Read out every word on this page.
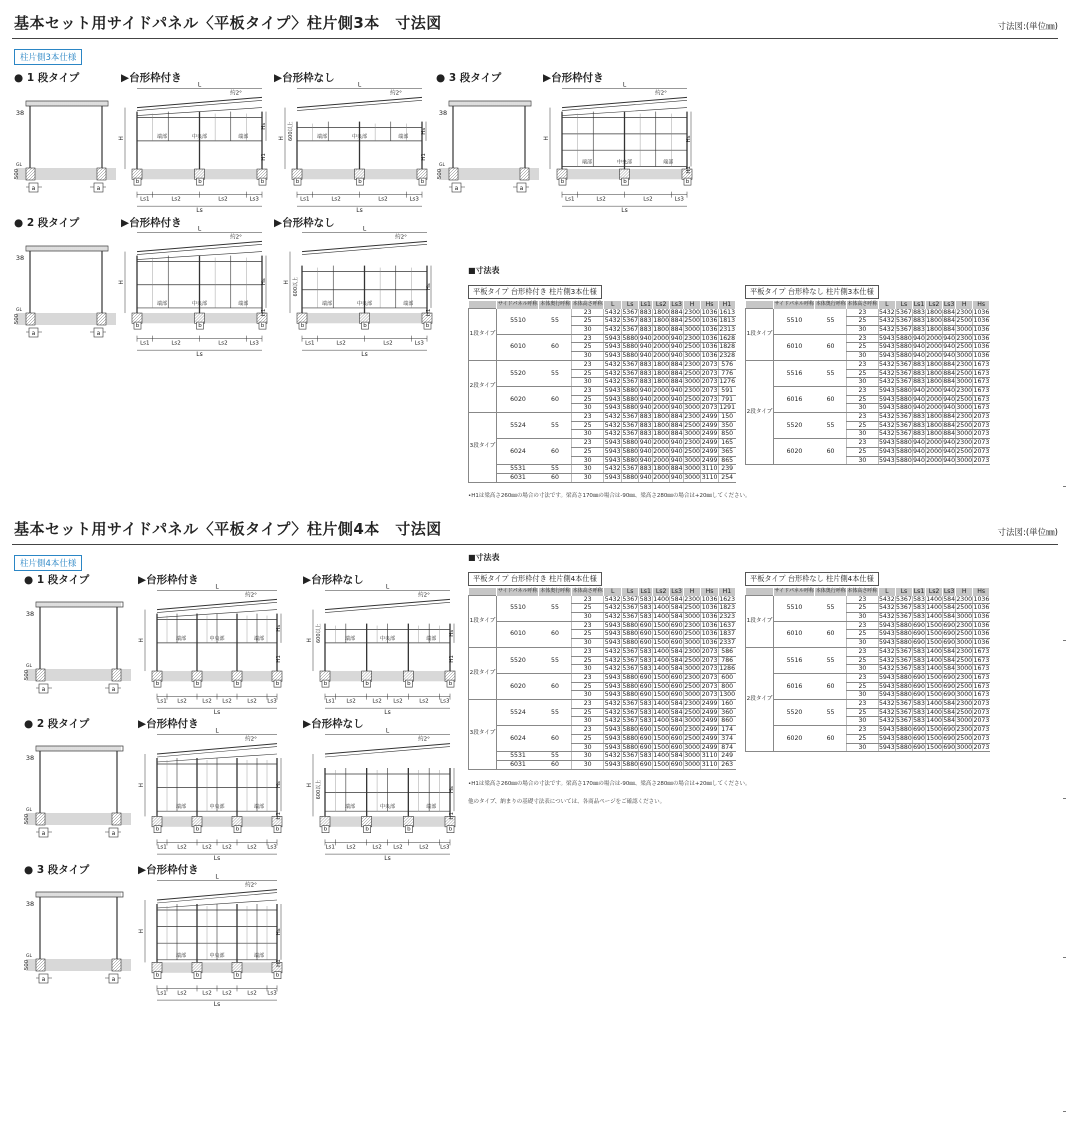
基本セット用サイドパネル〈平板タイプ〉柱片側3本　寸法図	寸法図:(単位㎜)
柱片側3本仕様
● 1 段タイプ	▶台形枠付き	▶台形枠なし	● 3 段タイプ	▶台形枠付き
● 2 段タイプ	▶台形枠付き	▶台形枠なし
38
GL
500
a	a
L
約2°
端部	中央部	端部
H
Hs
H1
b	b	b
Ls1	Ls2	Ls2	Ls3
Ls
L
約2°
端部	中央部	端部
H 600以上	Hs
H1
b	b	b
Ls1	Ls2	Ls2	Ls3
Ls
38
GL
500
a	a
L
約2°
端部	中央部	端部
H	Hs
H1
b	b	b
Ls1	Ls2	Ls2	Ls3
Ls
38
GL
500
a	a
L
約2°
端部	中央部	端部
H	Hs
H1
b	b	b
Ls1	Ls2	Ls2	Ls3
Ls
L
約2°
端部	中央部	端部
H 600以上	Hs
H1
b	b	b
Ls1	Ls2	Ls2	Ls3
Ls
■寸法表
平板タイプ 台形枠付き 柱片側3本仕様
	サイドパネル呼称	本体奥行呼称	本体高さ呼称	L	Ls	Ls1	Ls2	Ls3	H	Hs	H1
1段タイプ	5510	55	23	5432	5367	883	1800	884	2300	1036	1613
			25	5432	5367	883	1800	884	2500	1036	1813
			30	5432	5367	883	1800	884	3000	1036	2313
	6010	60	23	5943	5880	940	2000	940	2300	1036	1628
			25	5943	5880	940	2000	940	2500	1036	1828
			30	5943	5880	940	2000	940	3000	1036	2328
2段タイプ	5520	55	23	5432	5367	883	1800	884	2300	2073	576
			25	5432	5367	883	1800	884	2500	2073	776
			30	5432	5367	883	1800	884	3000	2073	1276
	6020	60	23	5943	5880	940	2000	940	2300	2073	591
			25	5943	5880	940	2000	940	2500	2073	791
			30	5943	5880	940	2000	940	3000	2073	1291
3段タイプ	5524	55	23	5432	5367	883	1800	884	2300	2499	150
			25	5432	5367	883	1800	884	2500	2499	350
			30	5432	5367	883	1800	884	3000	2499	850
	6024	60	23	5943	5880	940	2000	940	2300	2499	165
			25	5943	5880	940	2000	940	2500	2499	365
			30	5943	5880	940	2000	940	3000	2499	865
	5531	55	30	5432	5367	883	1800	884	3000	3110	239
	6031	60	30	5943	5880	940	2000	940	3000	3110	254
平板タイプ 台形枠なし 柱片側3本仕様
	サイドパネル呼称	本体奥行呼称	本体高さ呼称	L	Ls	Ls1	Ls2	Ls3	H	Hs
1段タイプ	5510	55	23	5432	5367	883	1800	884	2300	1036
			25	5432	5367	883	1800	884	2500	1036
			30	5432	5367	883	1800	884	3000	1036
	6010	60	23	5943	5880	940	2000	940	2300	1036
			25	5943	5880	940	2000	940	2500	1036
			30	5943	5880	940	2000	940	3000	1036
2段タイプ	5516	55	23	5432	5367	883	1800	884	2300	1673
			25	5432	5367	883	1800	884	2500	1673
			30	5432	5367	883	1800	884	3000	1673
	6016	60	23	5943	5880	940	2000	940	2300	1673
			25	5943	5880	940	2000	940	2500	1673
			30	5943	5880	940	2000	940	3000	1673
	5520	55	23	5432	5367	883	1800	884	2300	2073
			25	5432	5367	883	1800	884	2500	2073
			30	5432	5367	883	1800	884	3000	2073
	6020	60	23	5943	5880	940	2000	940	2300	2073
			25	5943	5880	940	2000	940	2500	2073
			30	5943	5880	940	2000	940	3000	2073
•H1は梁高さ260㎜の場合の寸法です。梁高さ170㎜の場合は-90㎜、梁高さ280㎜の場合は+20㎜してください。
基本セット用サイドパネル〈平板タイプ〉柱片側4本　寸法図	寸法図:(単位㎜)
柱片側4本仕様
● 1 段タイプ	▶台形枠付き	▶台形枠なし
● 2 段タイプ	▶台形枠付き	▶台形枠なし
● 3 段タイプ	▶台形枠付き
38
GL
500
a	a
L
約2°
端部	中央部	端部
H
Hs
H1
b	b	b	b
Ls1 Ls2	Ls2 Ls2	Ls2 Ls3
Ls
L
約2°
端部	中央部	端部
H 600以上	Hs
H1
b	b	b	b
Ls1 Ls2	Ls2 Ls2	Ls2 Ls3
Ls
38
GL
500
a	a
L
約2°
端部	中央部	端部
H	Hs
H1
b	b	b	b
Ls1 Ls2	Ls2 Ls2	Ls2 Ls3
Ls
L
約2°
端部	中央部	端部
H 600以上	Hs
H1
b	b	b	b
Ls1 Ls2	Ls2 Ls2	Ls2 Ls3
Ls
38
GL
500
a	a
L
約2°
端部	中央部	端部
H	Hs
H1
b	b	b	b
Ls1 Ls2	Ls2 Ls2	Ls2 Ls3
Ls
■寸法表
平板タイプ 台形枠付き 柱片側4本仕様
	サイドパネル呼称	本体奥行呼称	本体高さ呼称	L	Ls	Ls1	Ls2	Ls3	H	Hs	H1
1段タイプ	5510	55	23	5432	5367	583	1400	584	2300	1036	1623
			25	5432	5367	583	1400	584	2500	1036	1823
			30	5432	5367	583	1400	584	3000	1036	2323
	6010	60	23	5943	5880	690	1500	690	2300	1036	1637
			25	5943	5880	690	1500	690	2500	1036	1837
			30	5943	5880	690	1500	690	3000	1036	2337
2段タイプ	5520	55	23	5432	5367	583	1400	584	2300	2073	586
			25	5432	5367	583	1400	584	2500	2073	786
			30	5432	5367	583	1400	584	3000	2073	1286
	6020	60	23	5943	5880	690	1500	690	2300	2073	600
			25	5943	5880	690	1500	690	2500	2073	800
			30	5943	5880	690	1500	690	3000	2073	1300
3段タイプ	5524	55	23	5432	5367	583	1400	584	2300	2499	160
			25	5432	5367	583	1400	584	2500	2499	360
			30	5432	5367	583	1400	584	3000	2499	860
	6024	60	23	5943	5880	690	1500	690	2300	2499	174
			25	5943	5880	690	1500	690	2500	2499	374
			30	5943	5880	690	1500	690	3000	2499	874
	5531	55	30	5432	5367	583	1400	584	3000	3110	249
	6031	60	30	5943	5880	690	1500	690	3000	3110	263
平板タイプ 台形枠なし 柱片側4本仕様
	サイドパネル呼称	本体奥行呼称	本体高さ呼称	L	Ls	Ls1	Ls2	Ls3	H	Hs
1段タイプ	5510	55	23	5432	5367	583	1400	584	2300	1036
			25	5432	5367	583	1400	584	2500	1036
			30	5432	5367	583	1400	584	3000	1036
	6010	60	23	5943	5880	690	1500	690	2300	1036
			25	5943	5880	690	1500	690	2500	1036
			30	5943	5880	690	1500	690	3000	1036
2段タイプ	5516	55	23	5432	5367	583	1400	584	2300	1673
			25	5432	5367	583	1400	584	2500	1673
			30	5432	5367	583	1400	584	3000	1673
	6016	60	23	5943	5880	690	1500	690	2300	1673
			25	5943	5880	690	1500	690	2500	1673
			30	5943	5880	690	1500	690	3000	1673
	5520	55	23	5432	5367	583	1400	584	2300	2073
			25	5432	5367	583	1400	584	2500	2073
			30	5432	5367	583	1400	584	3000	2073
	6020	60	23	5943	5880	690	1500	690	2300	2073
			25	5943	5880	690	1500	690	2500	2073
			30	5943	5880	690	1500	690	3000	2073
•H1は梁高さ260㎜の場合の寸法です。梁高さ170㎜の場合は-90㎜、梁高さ280㎜の場合は+20㎜してください。
他のタイプ、納まりの基礎寸法表については、各商品ページをご確認ください。
